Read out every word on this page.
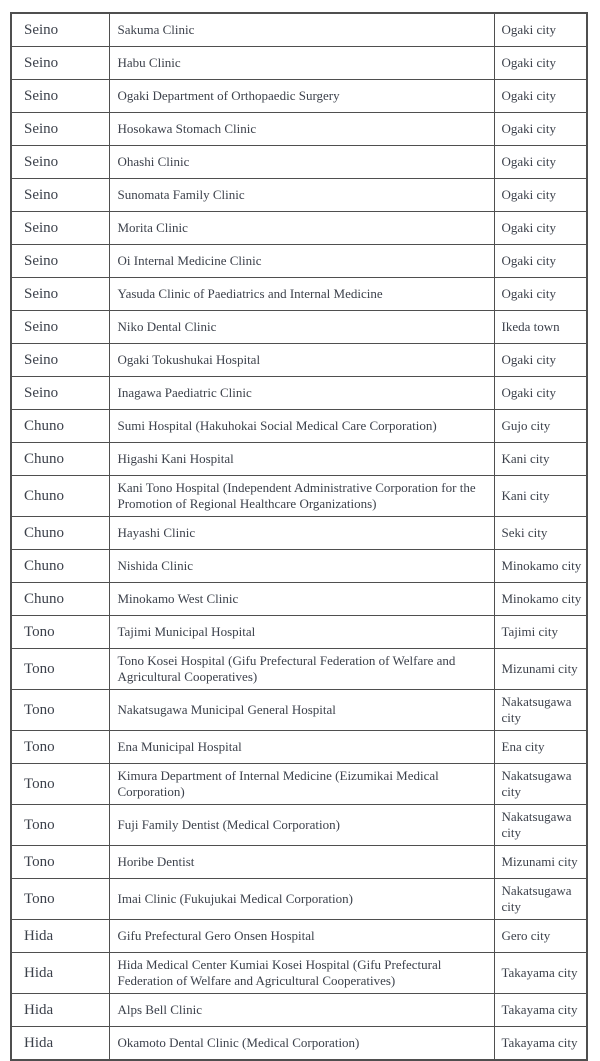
Seino	Sakuma Clinic	Ogaki city
Seino	Habu Clinic	Ogaki city
Seino	Ogaki Department of Orthopaedic Surgery	Ogaki city
Seino	Hosokawa Stomach Clinic	Ogaki city
Seino	Ohashi Clinic	Ogaki city
Seino	Sunomata Family Clinic	Ogaki city
Seino	Morita Clinic	Ogaki city
Seino	Oi Internal Medicine Clinic	Ogaki city
Seino	Yasuda Clinic of Paediatrics and Internal Medicine	Ogaki city
Seino	Niko Dental Clinic	Ikeda town
Seino	Ogaki Tokushukai Hospital	Ogaki city
Seino	Inagawa Paediatric Clinic	Ogaki city
Chuno	Sumi Hospital (Hakuhokai Social Medical Care Corporation)	Gujo city
Chuno	Higashi Kani Hospital	Kani city
Chuno	Kani Tono Hospital (Independent Administrative Corporation for the Promotion of Regional Healthcare Organizations)	Kani city
Chuno	Hayashi Clinic	Seki city
Chuno	Nishida Clinic	Minokamo city
Chuno	Minokamo West Clinic	Minokamo city
Tono	Tajimi Municipal Hospital	Tajimi city
Tono	Tono Kosei Hospital (Gifu Prefectural Federation of Welfare and Agricultural Cooperatives)	Mizunami city
Tono	Nakatsugawa Municipal General Hospital	Nakatsugawa city
Tono	Ena Municipal Hospital	Ena city
Tono	Kimura Department of Internal Medicine (Eizumikai Medical Corporation)	Nakatsugawa city
Tono	Fuji Family Dentist (Medical Corporation)	Nakatsugawa city
Tono	Horibe Dentist	Mizunami city
Tono	Imai Clinic (Fukujukai Medical Corporation)	Nakatsugawa city
Hida	Gifu Prefectural Gero Onsen Hospital	Gero city
Hida	Hida Medical Center Kumiai Kosei Hospital (Gifu Prefectural Federation of Welfare and Agricultural Cooperatives)	Takayama city
Hida	Alps Bell Clinic	Takayama city
Hida	Okamoto Dental Clinic (Medical Corporation)	Takayama city
